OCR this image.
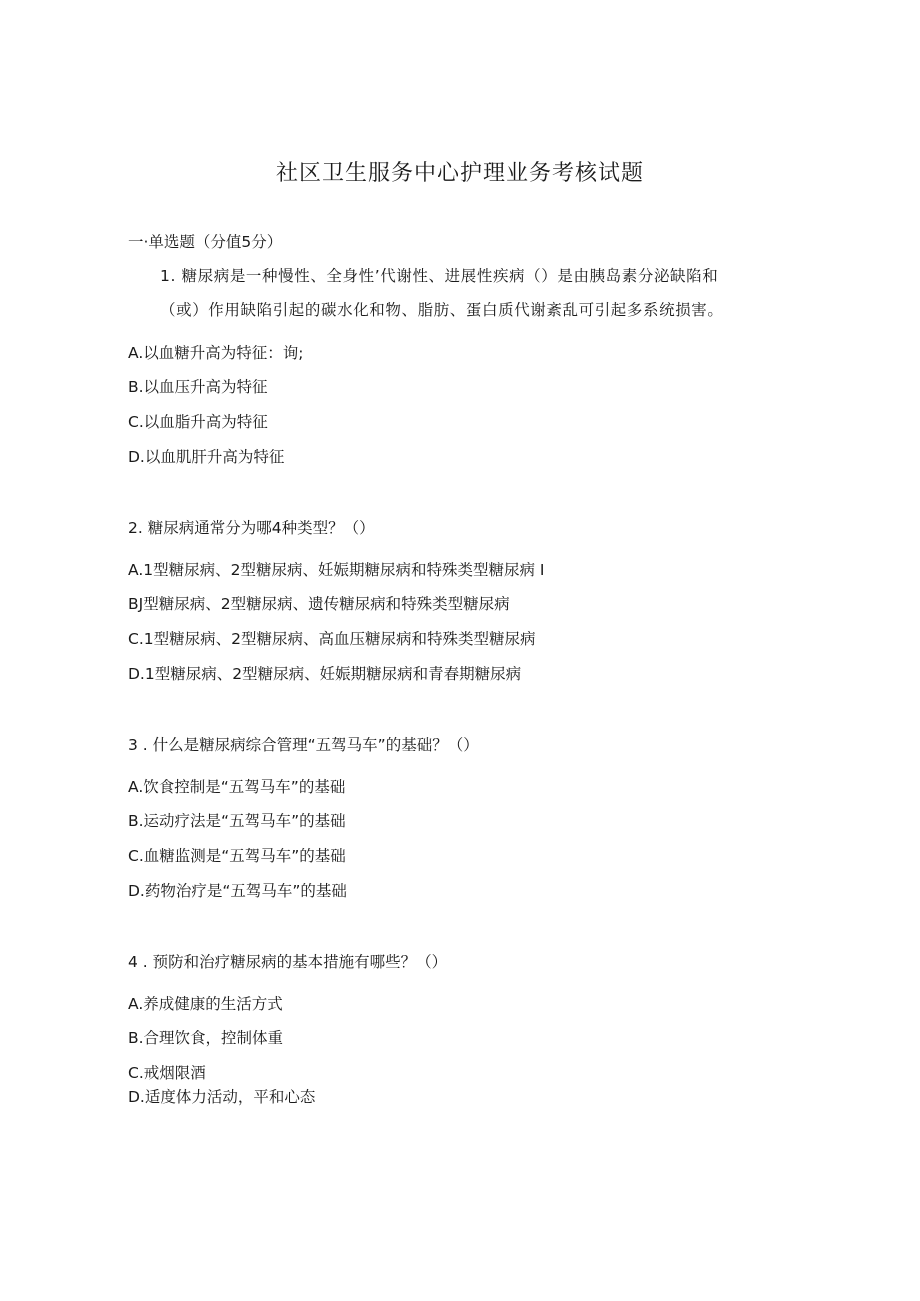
社区卫生服务中心护理业务考核试题
一·单选题（分值5分）
1. 糖尿病是一种慢性、全身性’代谢性、进展性疾病（）是由胰岛素分泌缺陷和
（或）作用缺陷引起的碳水化和物、脂肪、蛋白质代谢紊乱可引起多系统损害。
A.以血糖升高为特征：询;
B.以血压升高为特征
C.以血脂升高为特征
D.以血肌肝升高为特征
2. 糖尿病通常分为哪4种类型？（）
A.1型糖尿病、2型糖尿病、妊娠期糖尿病和特殊类型糖尿病 I
BJ型糖尿病、2型糖尿病、遗传糖尿病和特殊类型糖尿病
C.1型糖尿病、2型糖尿病、高血压糖尿病和特殊类型糖尿病
D.1型糖尿病、2型糖尿病、妊娠期糖尿病和青春期糖尿病
3 . 什么是糖尿病综合管理“五驾马车”的基础？（）
A.饮食控制是“五驾马车”的基础
B.运动疗法是“五驾马车”的基础
C.血糖监测是“五驾马车”的基础
D.药物治疗是“五驾马车”的基础
4 . 预防和治疗糖尿病的基本措施有哪些？（）
A.养成健康的生活方式
B.合理饮食，控制体重
C.戒烟限酒
D.适度体力活动，平和心态
